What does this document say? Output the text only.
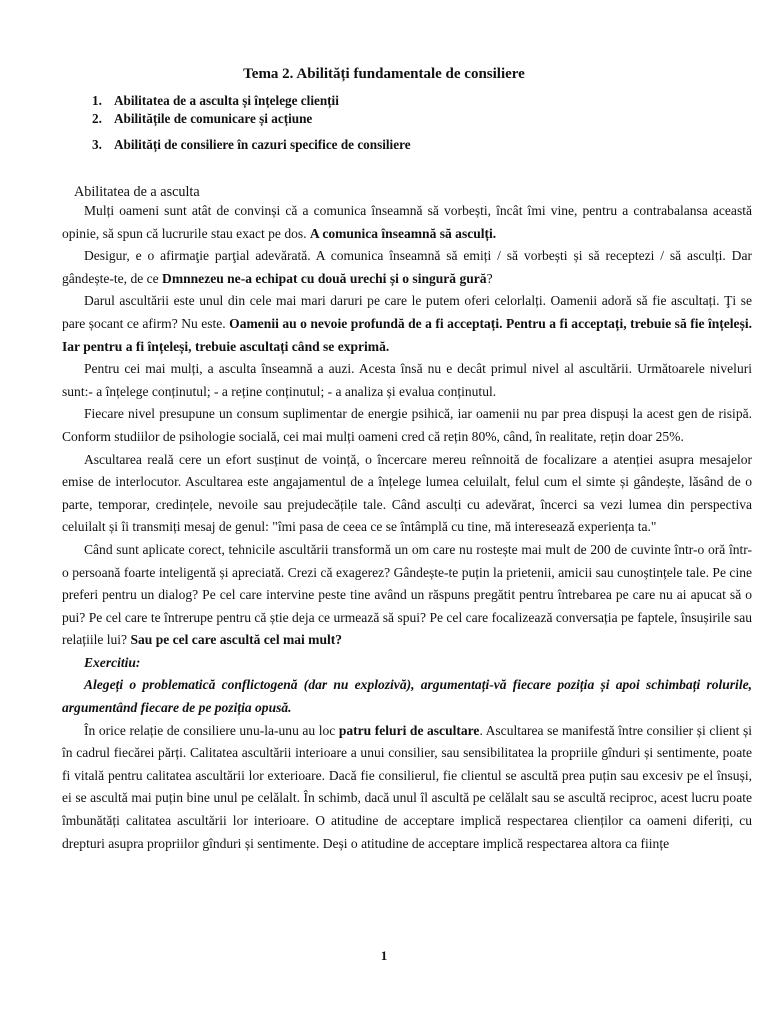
Tema 2. Abilități fundamentale de consiliere
1. Abilitatea de a asculta și înțelege clienții
2. Abilitățile de comunicare și acțiune
3. Abilități de consiliere în cazuri specifice de consiliere
Abilitatea de a asculta

Mulți oameni sunt atât de convinși că a comunica înseamnă să vorbești, încât îmi vine, pentru a contrabalansa această opinie, să spun că lucrurile stau exact pe dos. A comunica înseamnă să asculți.

Desigur, e o afirmaţie parţial adevărată. A comunica înseamnă să emiți / să vorbești și să receptezi / să asculți. Dar gândește-te, de ce Dmnnezeu ne-a echipat cu două urechi și o singură gură?

Darul ascultării este unul din cele mai mari daruri pe care le putem oferi celorlalți. Oamenii adoră să fie ascultați. Ţi se pare șocant ce afirm? Nu este. Oamenii au o nevoie profundă de a fi acceptați. Pentru a fi acceptați, trebuie să fie înțeleși. Iar pentru a fi înțeleși, trebuie ascultați când se exprimă.

Pentru cei mai mulți, a asculta înseamnă a auzi. Acesta însă nu e decât primul nivel al ascultării. Următoarele niveluri sunt:- a înțelege conținutul; - a reține conținutul; - a analiza și evalua conținutul.

Fiecare nivel presupune un consum suplimentar de energie psihică, iar oamenii nu par prea dispuși la acest gen de risipă. Conform studiilor de psihologie socială, cei mai mulți oameni cred că rețin 80%, când, în realitate, rețin doar 25%.

Ascultarea reală cere un efort susținut de voință, o încercare mereu reînnoită de focalizare a atenției asupra mesajelor emise de interlocutor. Ascultarea este angajamentul de a înțelege lumea celuilalt, felul cum el simte și gândește, lăsând de o parte, temporar, credințele, nevoile sau prejudecățile tale. Când asculți cu adevărat, încerci sa vezi lumea din perspectiva celuilalt și îi transmiți mesaj de genul: "îmi pasa de ceea ce se întâmplă cu tine, mă interesează experiența ta."

Când sunt aplicate corect, tehnicile ascultării transformă un om care nu rostește mai mult de 200 de cuvinte într-o oră într-o persoană foarte inteligentă și apreciată. Crezi că exagerez? Gândește-te puțin la prietenii, amicii sau cunoștințele tale. Pe cine preferi pentru un dialog? Pe cel care intervine peste tine având un răspuns pregătit pentru întrebarea pe care nu ai apucat să o pui? Pe cel care te întrerupe pentru că știe deja ce urmează să spui? Pe cel care focalizează conversația pe faptele, însușirile sau relațiile lui? Sau pe cel care ascultă cel mai mult?

Exercitiu:

Alegeți o problematică conflictogenă (dar nu explozivă), argumentați-vă fiecare poziția și apoi schimbați rolurile, argumentând fiecare de pe poziția opusă.

În orice relație de consiliere unu-la-unu au loc patru feluri de ascultare. Ascultarea se manifestă între consilier și client și în cadrul fiecărei părți. Calitatea ascultării interioare a unui consilier, sau sensibilitatea la propriile gînduri și sentimente, poate fi vitală pentru calitatea ascultării lor exterioare. Dacă fie consilierul, fie clientul se ascultă prea puțin sau excesiv pe el însuși, ei se ascultă mai puțin bine unul pe celălalt. În schimb, dacă unul îl ascultă pe celălalt sau se ascultă reciproc, acest lucru poate îmbunătăți calitatea ascultării lor interioare. O atitudine de acceptare implică respectarea clienților ca oameni diferiți, cu drepturi asupra propriilor gînduri și sentimente. Deși o atitudine de acceptare implică respectarea altora ca ființe

1
